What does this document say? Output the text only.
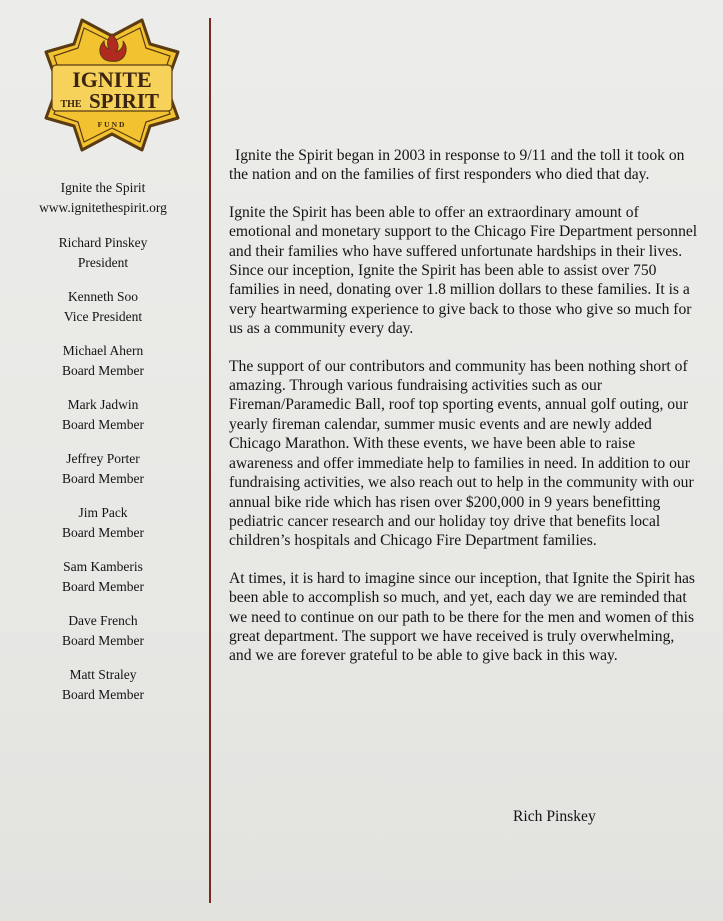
IGNITE
THE SPIRIT
FUND
Ignite the Spirit
www.ignitethespirit.org
Richard Pinskey
President
Kenneth Soo
Vice President
Michael Ahern
Board Member
Mark Jadwin
Board Member
Jeffrey Porter
Board Member
Jim Pack
Board Member
Sam Kamberis
Board Member
Dave French
Board Member
Matt Straley
Board Member

Ignite the Spirit began in 2003 in response to 9/11 and the toll it took on the nation and on the families of first responders who died that day.

Ignite the Spirit has been able to offer an extraordinary amount of emotional and monetary support to the Chicago Fire Department personnel and their families who have suffered unfortunate hardships in their lives. Since our inception, Ignite the Spirit has been able to assist over 750 families in need, donating over 1.8 million dollars to these families. It is a very heartwarming experience to give back to those who give so much for us as a community every day.

The support of our contributors and community has been nothing short of amazing. Through various fundraising activities such as our Fireman/Paramedic Ball, roof top sporting events, annual golf outing, our yearly fireman calendar, summer music events and are newly added Chicago Marathon. With these events, we have been able to raise awareness and offer immediate help to families in need. In addition to our fundraising activities, we also reach out to help in the community with our annual bike ride which has risen over $200,000 in 9 years benefitting pediatric cancer research and our holiday toy drive that benefits local children’s hospitals and Chicago Fire Department families.

At times, it is hard to imagine since our inception, that Ignite the Spirit has been able to accomplish so much, and yet, each day we are reminded that we need to continue on our path to be there for the men and women of this great department. The support we have received is truly overwhelming, and we are forever grateful to be able to give back in this way.

Rich Pinskey
